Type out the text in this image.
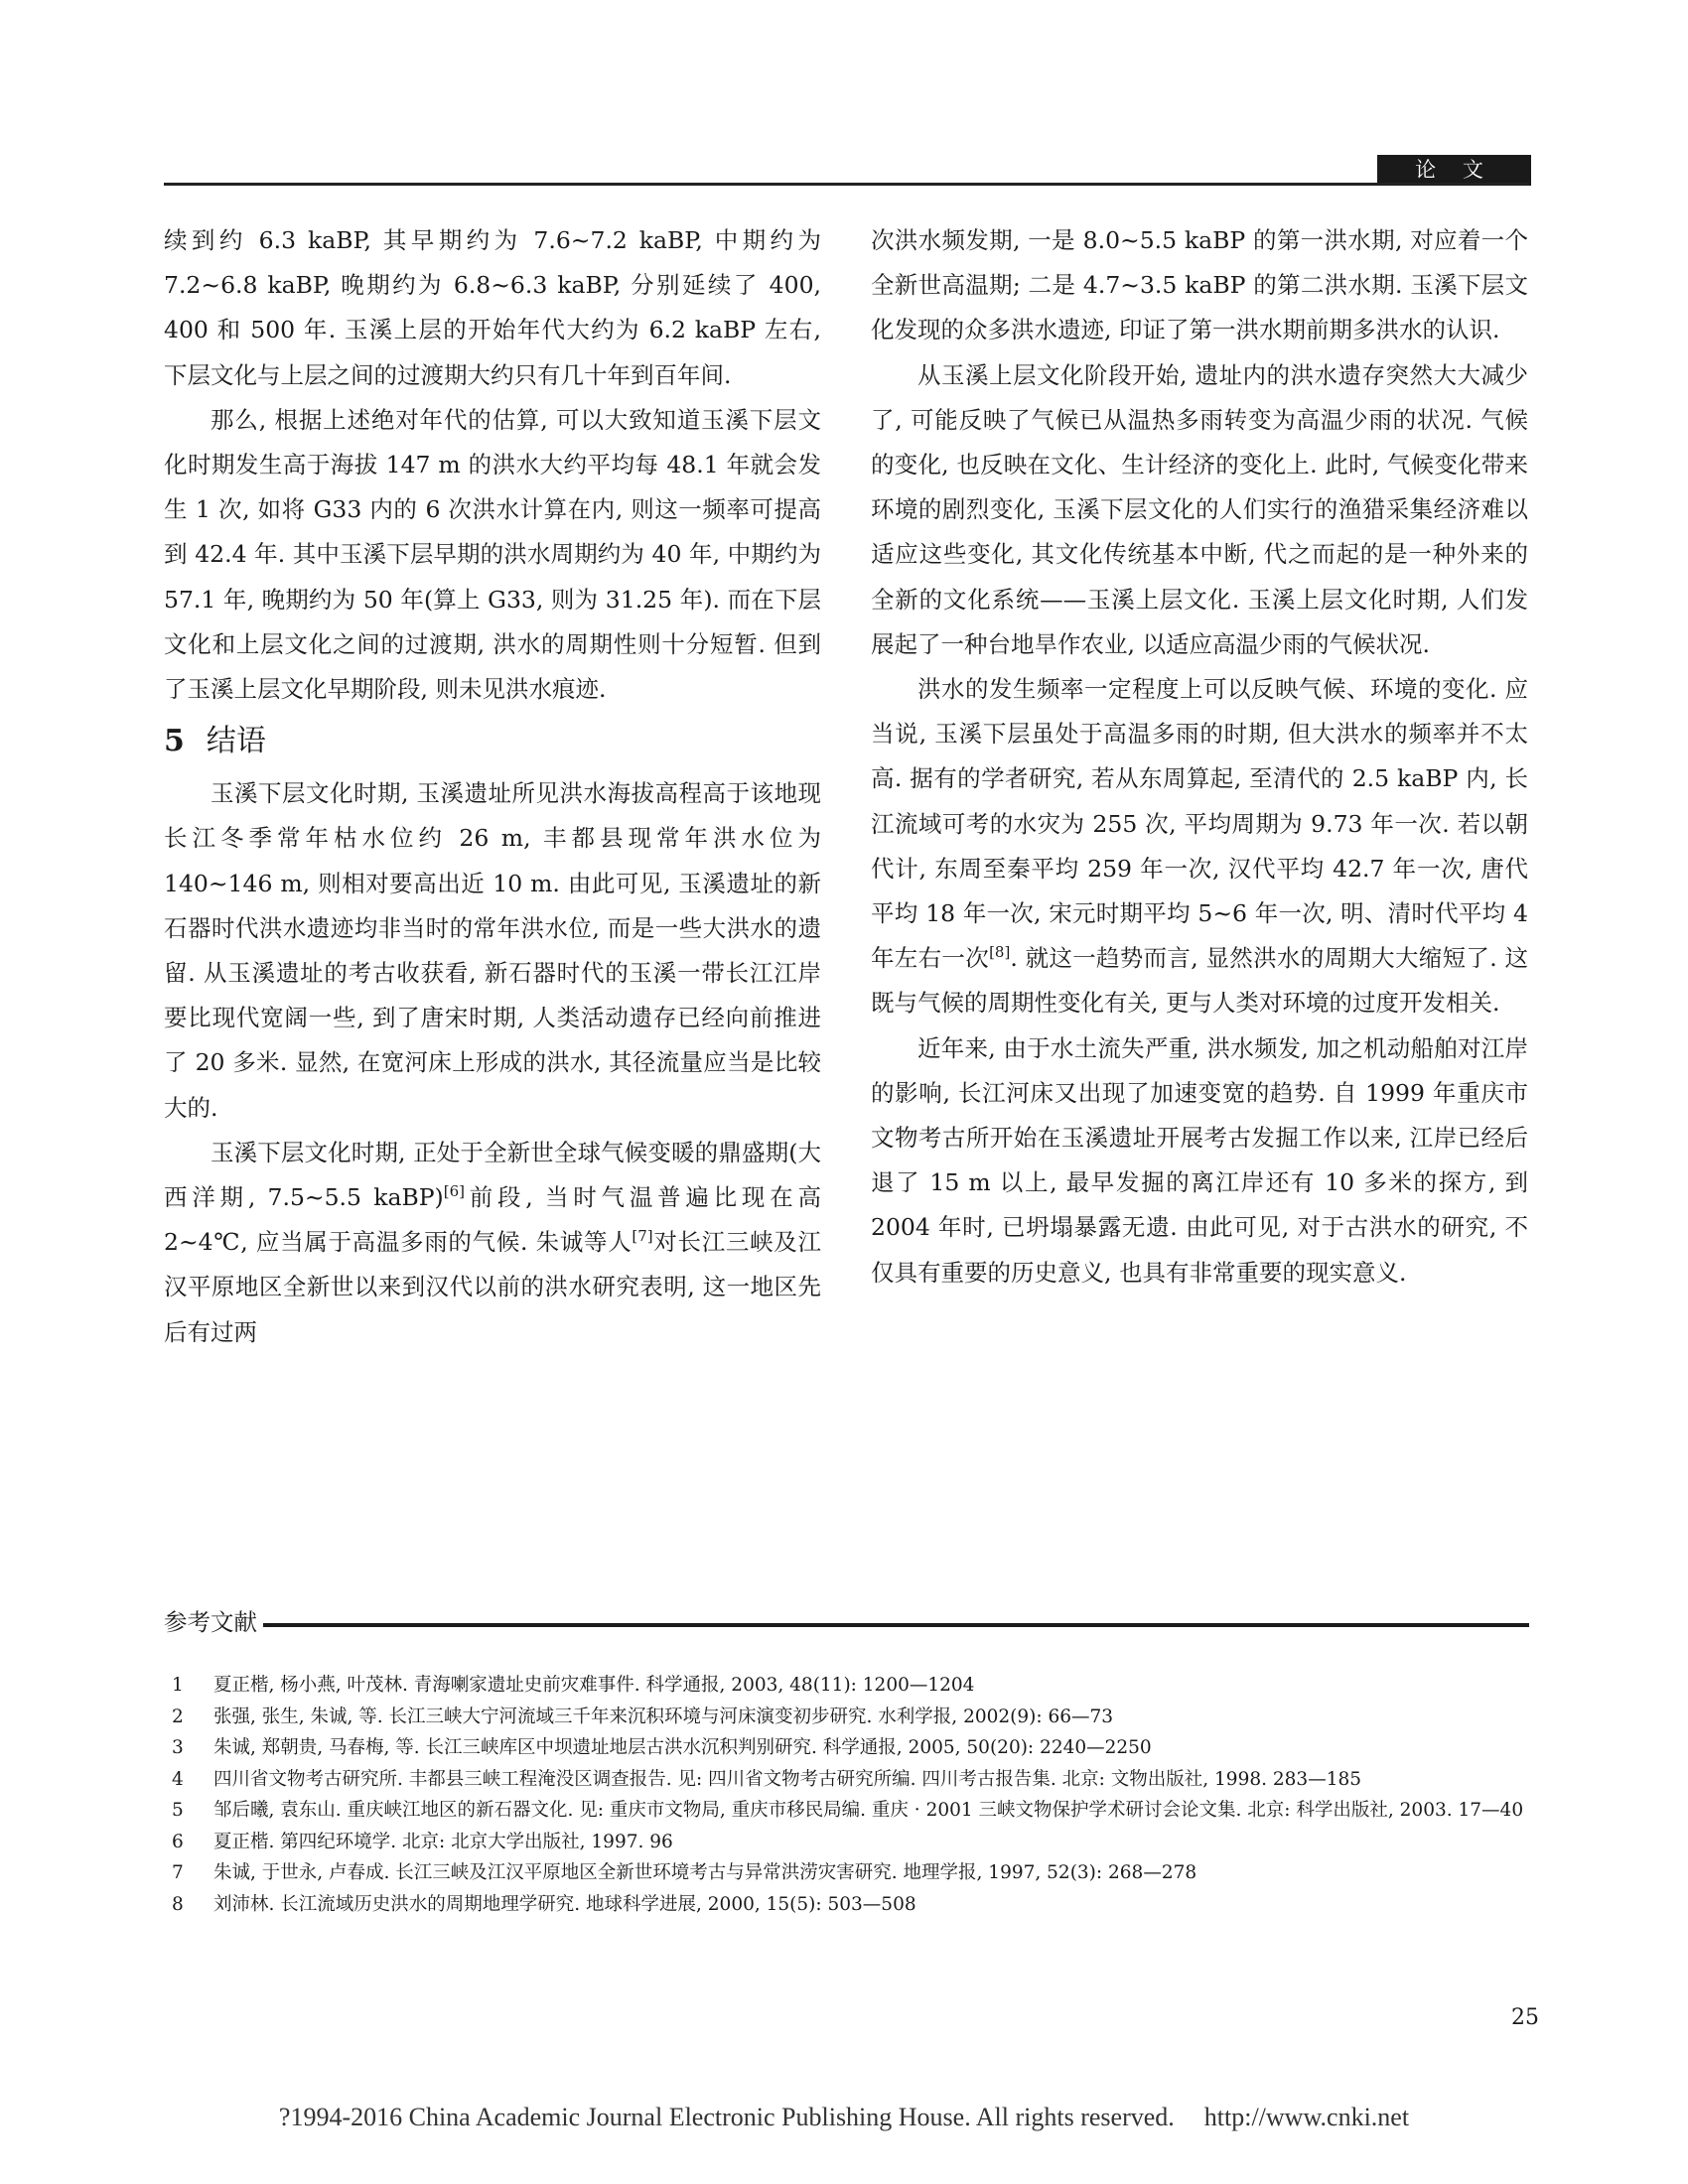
论 文

续到约 6.3 kaBP, 其早期约为 7.6~7.2 kaBP, 中期约为 7.2~6.8 kaBP, 晚期约为 6.8~6.3 kaBP, 分别延续了 400, 400 和 500 年. 玉溪上层的开始年代大约为 6.2 kaBP 左右, 下层文化与上层之间的过渡期大约只有几十年到百年间.

那么, 根据上述绝对年代的估算, 可以大致知道玉溪下层文化时期发生高于海拔 147 m 的洪水大约平均每 48.1 年就会发生 1 次, 如将 G33 内的 6 次洪水计算在内, 则这一频率可提高到 42.4 年. 其中玉溪下层早期的洪水周期约为 40 年, 中期约为 57.1 年, 晚期约为 50 年(算上 G33, 则为 31.25 年). 而在下层文化和上层文化之间的过渡期, 洪水的周期性则十分短暂. 但到了玉溪上层文化早期阶段, 则未见洪水痕迹.

5 结语

玉溪下层文化时期, 玉溪遗址所见洪水海拔高程高于该地现长江冬季常年枯水位约 26 m, 丰都县现常年洪水位为 140~146 m, 则相对要高出近 10 m. 由此可见, 玉溪遗址的新石器时代洪水遗迹均非当时的常年洪水位, 而是一些大洪水的遗留. 从玉溪遗址的考古收获看, 新石器时代的玉溪一带长江江岸要比现代宽阔一些, 到了唐宋时期, 人类活动遗存已经向前推进了 20 多米. 显然, 在宽河床上形成的洪水, 其径流量应当是比较大的.

玉溪下层文化时期, 正处于全新世全球气候变暖的鼎盛期(大西洋期, 7.5~5.5 kaBP)[6]前段, 当时气温普遍比现在高 2~4℃, 应当属于高温多雨的气候. 朱诚等人[7]对长江三峡及江汉平原地区全新世以来到汉代以前的洪水研究表明, 这一地区先后有过两

次洪水频发期, 一是 8.0~5.5 kaBP 的第一洪水期, 对应着一个全新世高温期; 二是 4.7~3.5 kaBP 的第二洪水期. 玉溪下层文化发现的众多洪水遗迹, 印证了第一洪水期前期多洪水的认识.

从玉溪上层文化阶段开始, 遗址内的洪水遗存突然大大减少了, 可能反映了气候已从温热多雨转变为高温少雨的状况. 气候的变化, 也反映在文化、生计经济的变化上. 此时, 气候变化带来环境的剧烈变化, 玉溪下层文化的人们实行的渔猎采集经济难以适应这些变化, 其文化传统基本中断, 代之而起的是一种外来的全新的文化系统——玉溪上层文化. 玉溪上层文化时期, 人们发展起了一种台地旱作农业, 以适应高温少雨的气候状况.

洪水的发生频率一定程度上可以反映气候、环境的变化. 应当说, 玉溪下层虽处于高温多雨的时期, 但大洪水的频率并不太高. 据有的学者研究, 若从东周算起, 至清代的 2.5 kaBP 内, 长江流域可考的水灾为 255 次, 平均周期为 9.73 年一次. 若以朝代计, 东周至秦平均 259 年一次, 汉代平均 42.7 年一次, 唐代平均 18 年一次, 宋元时期平均 5~6 年一次, 明、清时代平均 4 年左右一次[8]. 就这一趋势而言, 显然洪水的周期大大缩短了. 这既与气候的周期性变化有关, 更与人类对环境的过度开发相关.

近年来, 由于水土流失严重, 洪水频发, 加之机动船舶对江岸的影响, 长江河床又出现了加速变宽的趋势. 自 1999 年重庆市文物考古所开始在玉溪遗址开展考古发掘工作以来, 江岸已经后退了 15 m 以上, 最早发掘的离江岸还有 10 多米的探方, 到 2004 年时, 已坍塌暴露无遗. 由此可见, 对于古洪水的研究, 不仅具有重要的历史意义, 也具有非常重要的现实意义.

参考文献
1	夏正楷, 杨小燕, 叶茂林. 青海喇家遗址史前灾难事件. 科学通报, 2003, 48(11): 1200—1204
2	张强, 张生, 朱诚, 等. 长江三峡大宁河流域三千年来沉积环境与河床演变初步研究. 水利学报, 2002(9): 66—73
3	朱诚, 郑朝贵, 马春梅, 等. 长江三峡库区中坝遗址地层古洪水沉积判别研究. 科学通报, 2005, 50(20): 2240—2250
4	四川省文物考古研究所. 丰都县三峡工程淹没区调查报告. 见: 四川省文物考古研究所编. 四川考古报告集. 北京: 文物出版社, 1998. 283—185
5	邹后曦, 袁东山. 重庆峡江地区的新石器文化. 见: 重庆市文物局, 重庆市移民局编. 重庆 · 2001 三峡文物保护学术研讨会论文集. 北京: 科学出版社, 2003. 17—40
6	夏正楷. 第四纪环境学. 北京: 北京大学出版社, 1997. 96
7	朱诚, 于世永, 卢春成. 长江三峡及江汉平原地区全新世环境考古与异常洪涝灾害研究. 地理学报, 1997, 52(3): 268—278
8	刘沛林. 长江流域历史洪水的周期地理学研究. 地球科学进展, 2000, 15(5): 503—508
25
?1994-2016 China Academic Journal Electronic Publishing House. All rights reserved. http://www.cnki.net
